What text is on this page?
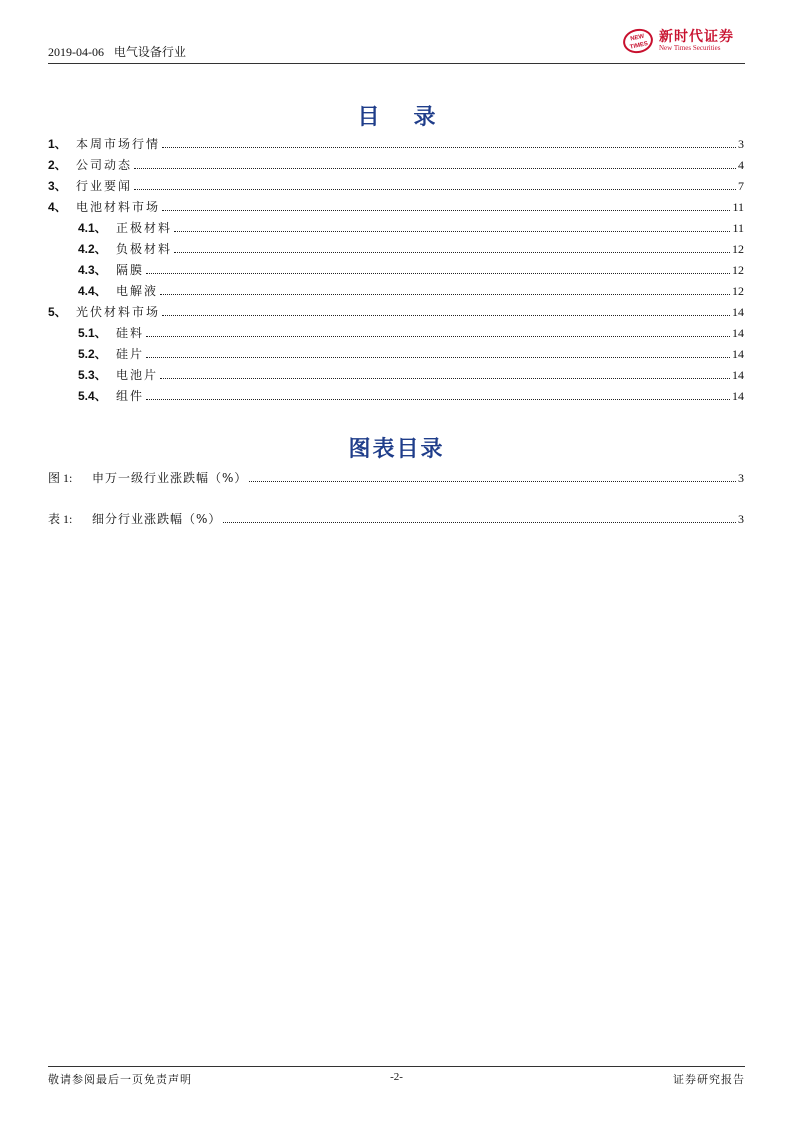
2019-04-06 电气设备行业
NEW
TIMES
新时代证券
New Times Securities
目 录
1、 本周市场行情	3
2、 公司动态	4
3、 行业要闻	7
4、 电池材料市场	11
4.1、 正极材料	11
4.2、 负极材料	12
4.3、 隔膜	12
4.4、 电解液	12
5、 光伏材料市场	14
5.1、 硅料	14
5.2、 硅片	14
5.3、 电池片	14
5.4、 组件	14
图表目录
图 1:	申万一级行业涨跌幅（%）	3
表 1:	细分行业涨跌幅（%）	3
敬请参阅最后一页免责声明	-2-	证券研究报告
